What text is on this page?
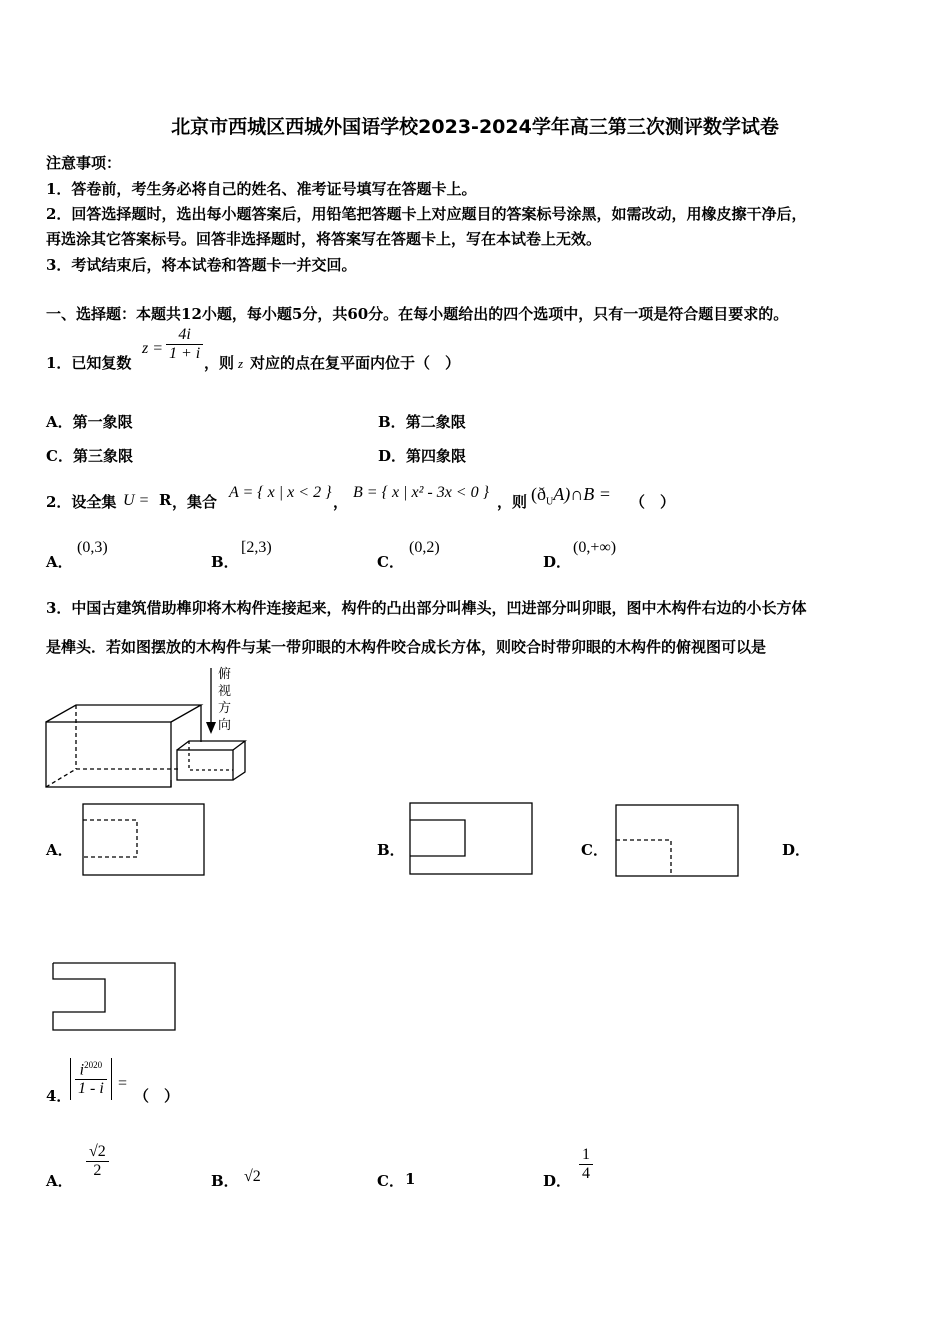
北京市西城区西城外国语学校2023-2024学年高三第三次测评数学试卷
注意事项：
1．答卷前，考生务必将自己的姓名、准考证号填写在答题卡上。
2．回答选择题时，选出每小题答案后，用铅笔把答题卡上对应题目的答案标号涂黑，如需改动，用橡皮擦干净后，
再选涂其它答案标号。回答非选择题时，将答案写在答题卡上，写在本试卷上无效。
3．考试结束后，将本试卷和答题卡一并交回。
一、选择题：本题共12小题，每小题5分，共60分。在每小题给出的四个选项中，只有一项是符合题目要求的。
1．已知复数
$z = \frac{4i}{1 + i}$ ，则 z 对应的点在复平面内位于（　）
A．第一象限	B．第二象限
C．第三象限	D．第四象限
2．设全集 U = R ，集合
A = { x | x < 2 }
，
B = { x | x² - 3x < 0 }
，则 $(ð_UA)\cap B$ = （　）
A．
(0,3)
B．
[2,3)
C．
(0,2)
D．
(0,+∞)
3．中国古建筑借助榫卯将木构件连接起来，构件的凸出部分叫榫头，凹进部分叫卯眼，图中木构件右边的小长方体
是榫头．若如图摆放的木构件与某一带卯眼的木构件咬合成长方体，则咬合时带卯眼的木构件的俯视图可以是
俯
视
方
向
A．	B．	C．	D．
4． $\frac{i^{2020}}{1 - i}$ =
（　）
A．
$\frac{√2}{2}$
B． √2	C． 1	D． $\frac{1}{4}$
